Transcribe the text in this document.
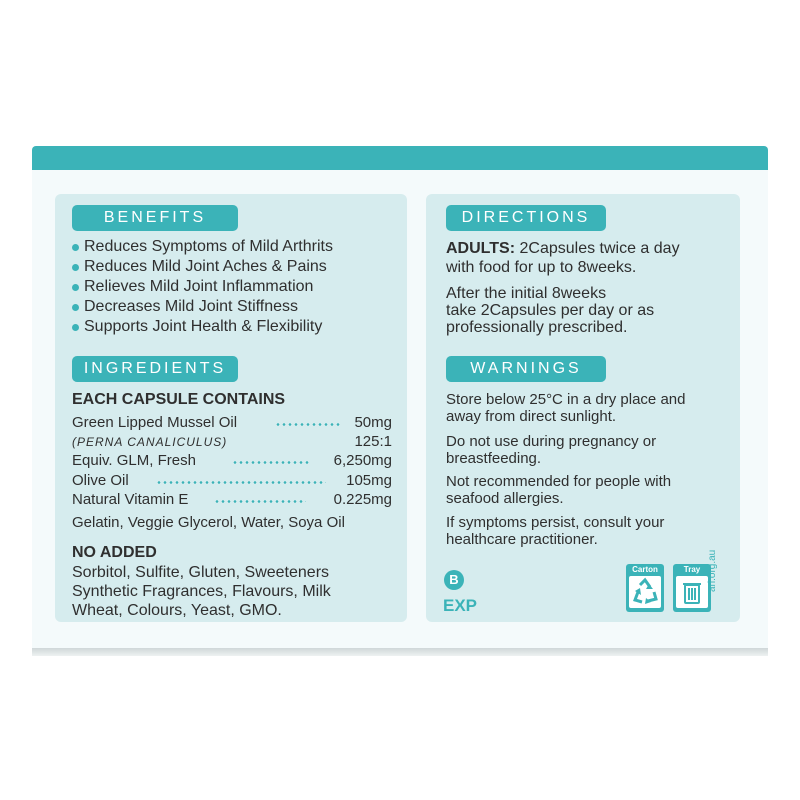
BENEFITS
Reduces Symptoms of Mild Arthrits
Reduces Mild Joint Aches & Pains
Relieves Mild Joint Inflammation
Decreases Mild Joint Stiffness
Supports Joint Health & Flexibility
INGREDIENTS
EACH CAPSULE CONTAINS
Green Lipped Mussel Oil	50mg
(PERNA CANALICULUS)	125:1
Equiv. GLM, Fresh	6,250mg
Olive Oil	105mg
Natural Vitamin E	0.225mg
Gelatin, Veggie Glycerol, Water, Soya Oil
NO ADDED
Sorbitol, Sulfite, Gluten, Sweeteners
Synthetic Fragrances, Flavours, Milk
Wheat, Colours, Yeast, GMO.
DIRECTIONS
ADULTS: 2Capsules twice a day
with food for up to 8weeks.
After the initial 8weeks
take 2Capsules per day or as
professionally prescribed.
WARNINGS
Store below 25°C in a dry place and
away from direct sunlight.
Do not use during pregnancy or
breastfeeding.
Not recommended for people with
seafood allergies.
If symptoms persist, consult your
healthcare practitioner.
B
EXP
Carton	Tray arl.org.au
